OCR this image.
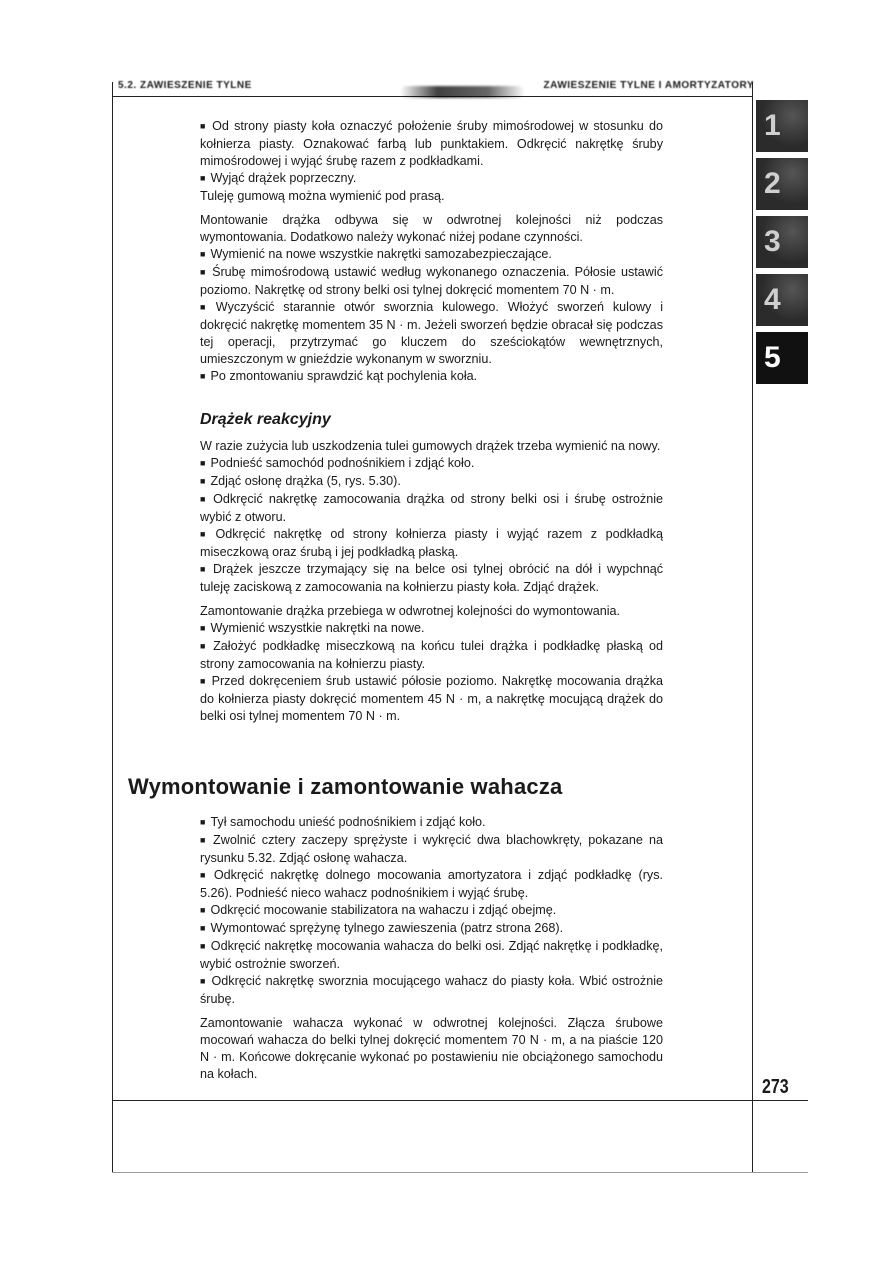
5.2. ZAWIESZENIE TYLNE	ZAWIESZENIE TYLNE I AMORTYZATORY
1
2
3
4
5

■ Od strony piasty koła oznaczyć położenie śruby mimośrodowej w stosunku do kołnierza piasty. Oznakować farbą lub punktakiem. Odkręcić nakrętkę śruby mimośrodowej i wyjąć śrubę razem z podkładkami.

■ Wyjąć drążek poprzeczny.

Tuleję gumową można wymienić pod prasą.

Montowanie drążka odbywa się w odwrotnej kolejności niż podczas wymontowania. Dodatkowo należy wykonać niżej podane czynności.

■ Wymienić na nowe wszystkie nakrętki samozabezpieczające.

■ Śrubę mimośrodową ustawić według wykonanego oznaczenia. Półosie ustawić poziomo. Nakrętkę od strony belki osi tylnej dokręcić momentem 70 N · m.

■ Wyczyścić starannie otwór sworznia kulowego. Włożyć sworzeń kulowy i dokręcić nakrętkę momentem 35 N · m. Jeżeli sworzeń będzie obracał się podczas tej operacji, przytrzymać go kluczem do sześciokątów wewnętrznych, umieszczonym w gnieździe wykonanym w sworzniu.

■ Po zmontowaniu sprawdzić kąt pochylenia koła.

Drążek reakcyjny

W razie zużycia lub uszkodzenia tulei gumowych drążek trzeba wymienić na nowy.

■ Podnieść samochód podnośnikiem i zdjąć koło.

■ Zdjąć osłonę drążka (5, rys. 5.30).

■ Odkręcić nakrętkę zamocowania drążka od strony belki osi i śrubę ostrożnie wybić z otworu.

■ Odkręcić nakrętkę od strony kołnierza piasty i wyjąć razem z podkładką miseczkową oraz śrubą i jej podkładką płaską.

■ Drążek jeszcze trzymający się na belce osi tylnej obrócić na dół i wypchnąć tuleję zaciskową z zamocowania na kołnierzu piasty koła. Zdjąć drążek.

Zamontowanie drążka przebiega w odwrotnej kolejności do wymontowania.

■ Wymienić wszystkie nakrętki na nowe.

■ Założyć podkładkę miseczkową na końcu tulei drążka i podkładkę płaską od strony zamocowania na kołnierzu piasty.

■ Przed dokręceniem śrub ustawić półosie poziomo. Nakrętkę mocowania drążka do kołnierza piasty dokręcić momentem 45 N · m, a nakrętkę mocującą drążek do belki osi tylnej momentem 70 N · m.

Wymontowanie i zamontowanie wahacza

■ Tył samochodu unieść podnośnikiem i zdjąć koło.

■ Zwolnić cztery zaczepy sprężyste i wykręcić dwa blachowkręty, pokazane na rysunku 5.32. Zdjąć osłonę wahacza.

■ Odkręcić nakrętkę dolnego mocowania amortyzatora i zdjąć podkładkę (rys. 5.26). Podnieść nieco wahacz podnośnikiem i wyjąć śrubę.

■ Odkręcić mocowanie stabilizatora na wahaczu i zdjąć obejmę.

■ Wymontować sprężynę tylnego zawieszenia (patrz strona 268).

■ Odkręcić nakrętkę mocowania wahacza do belki osi. Zdjąć nakrętkę i podkładkę, wybić ostrożnie sworzeń.

■ Odkręcić nakrętkę sworznia mocującego wahacz do piasty koła. Wbić ostrożnie śrubę.

Zamontowanie wahacza wykonać w odwrotnej kolejności. Złącza śrubowe mocowań wahacza do belki tylnej dokręcić momentem 70 N · m, a na piaście 120 N · m. Końcowe dokręcanie wykonać po postawieniu nie obciążonego samochodu na kołach.

273
